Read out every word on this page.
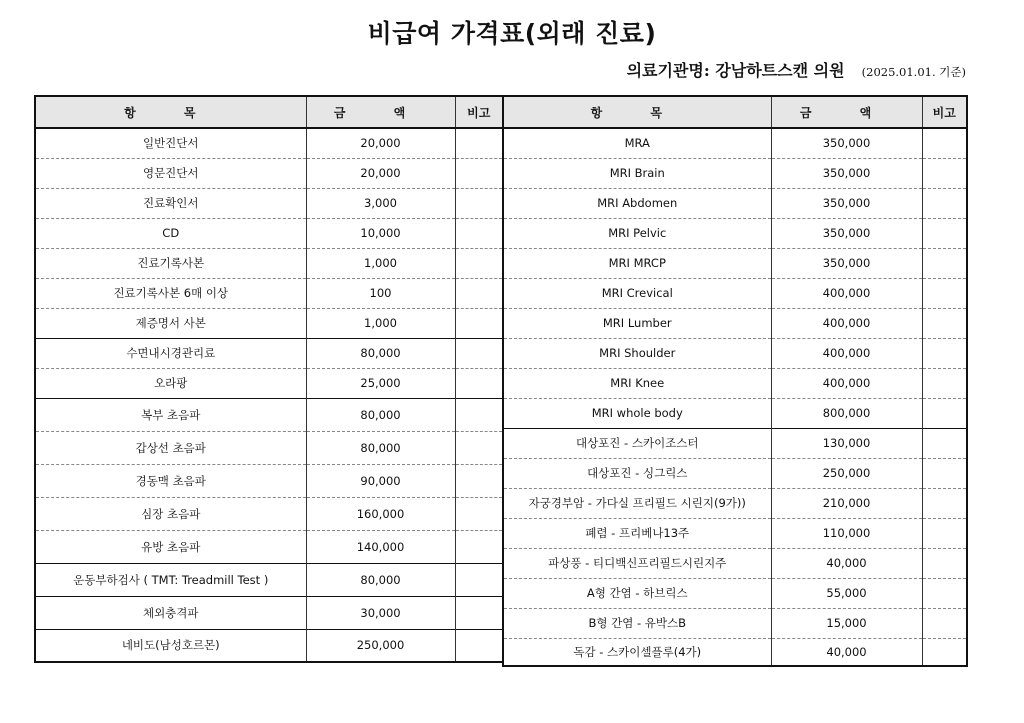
비급여 가격표(외래 진료)
의료기관명: 강남하트스캔 의원 (2025.01.01. 기준)
항 목	금 액	비고
일반진단서	20,000	
영문진단서	20,000	
진료확인서	3,000	
CD	10,000	
진료기록사본	1,000	
진료기록사본 6매 이상	100	
제증명서 사본	1,000	
수면내시경관리료	80,000	
오라팡	25,000	
복부 초음파	80,000	
갑상선 초음파	80,000	
경동맥 초음파	90,000	
심장 초음파	160,000	
유방 초음파	140,000	
운동부하검사 ( TMT: Treadmill Test )	80,000	
체외충격파	30,000	
네비도(남성호르몬)	250,000	
항 목	금 액	비고
MRA	350,000	
MRI Brain	350,000	
MRI Abdomen	350,000	
MRI Pelvic	350,000	
MRI MRCP	350,000	
MRI Crevical	400,000	
MRI Lumber	400,000	
MRI Shoulder	400,000	
MRI Knee	400,000	
MRI whole body	800,000	
대상포진 - 스카이조스터	130,000	
대상포진 - 싱그릭스	250,000	
자궁경부암 - 가다실 프리필드 시린지(9가))	210,000	
폐렴 - 프리베나13주	110,000	
파상풍 - 티디백신프리필드시린지주	40,000	
A형 간염 - 하브릭스	55,000	
B형 간염 - 유박스B	15,000	
독감 - 스카이셀플루(4가)	40,000	
